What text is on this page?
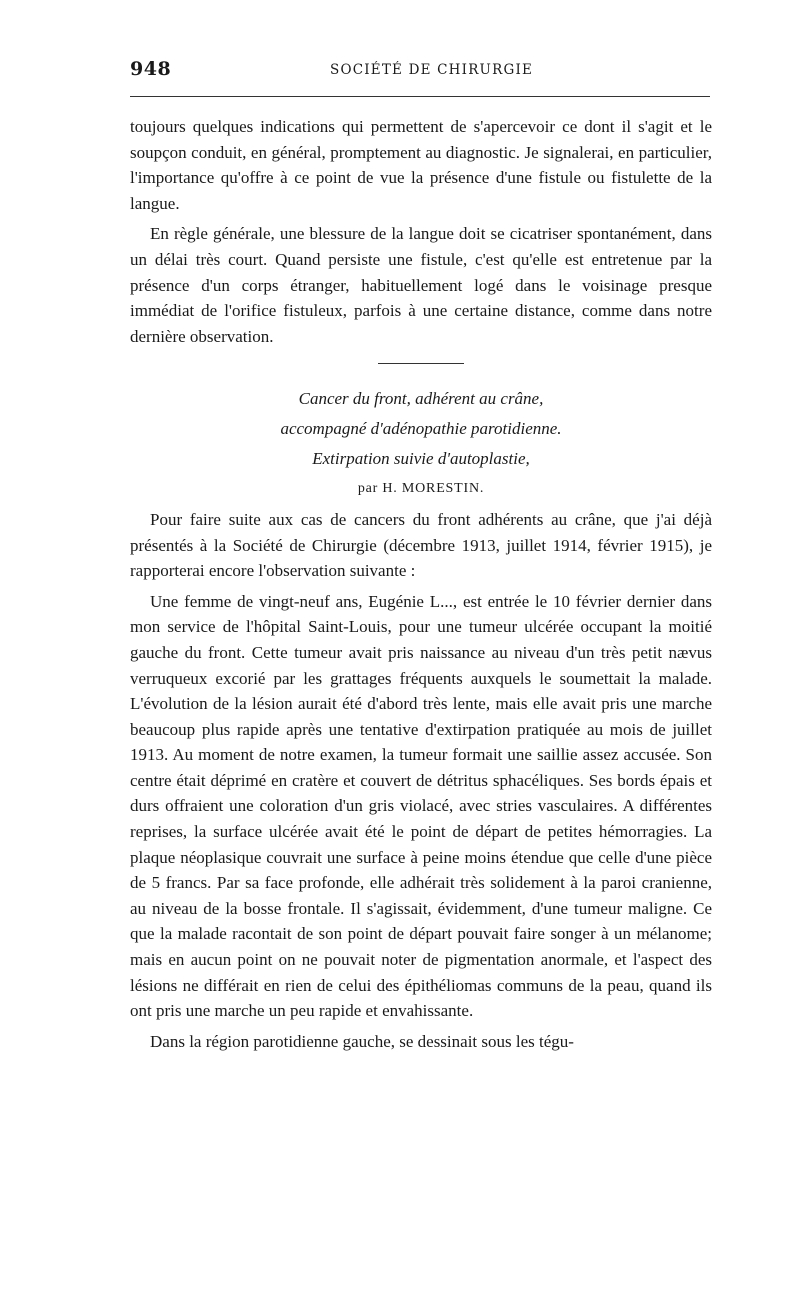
948	SOCIÉTÉ DE CHIRURGIE

toujours quelques indications qui permettent de s'apercevoir ce dont il s'agit et le soupçon conduit, en général, promptement au diagnostic. Je signalerai, en particulier, l'importance qu'offre à ce point de vue la présence d'une fistule ou fistulette de la langue.

En règle générale, une blessure de la langue doit se cicatriser spontanément, dans un délai très court. Quand persiste une fistule, c'est qu'elle est entretenue par la présence d'un corps étranger, habituellement logé dans le voisinage presque immédiat de l'orifice fistuleux, parfois à une certaine distance, comme dans notre dernière observation.

Cancer du front, adhérent au crâne,

accompagné d'adénopathie parotidienne.

Extirpation suivie d'autoplastie,

par H. MORESTIN.

Pour faire suite aux cas de cancers du front adhérents au crâne, que j'ai déjà présentés à la Société de Chirurgie (décembre 1913, juillet 1914, février 1915), je rapporterai encore l'observation suivante :

Une femme de vingt-neuf ans, Eugénie L..., est entrée le 10 février dernier dans mon service de l'hôpital Saint-Louis, pour une tumeur ulcérée occupant la moitié gauche du front. Cette tumeur avait pris naissance au niveau d'un très petit nævus verruqueux excorié par les grattages fréquents auxquels le soumettait la malade. L'évolution de la lésion aurait été d'abord très lente, mais elle avait pris une marche beaucoup plus rapide après une tentative d'extirpation pratiquée au mois de juillet 1913. Au moment de notre examen, la tumeur formait une saillie assez accusée. Son centre était déprimé en cratère et couvert de détritus sphacéliques. Ses bords épais et durs offraient une coloration d'un gris violacé, avec stries vasculaires. A différentes reprises, la surface ulcérée avait été le point de départ de petites hémorragies. La plaque néoplasique couvrait une surface à peine moins étendue que celle d'une pièce de 5 francs. Par sa face profonde, elle adhérait très solidement à la paroi cranienne, au niveau de la bosse frontale. Il s'agissait, évidemment, d'une tumeur maligne. Ce que la malade racontait de son point de départ pouvait faire songer à un mélanome; mais en aucun point on ne pouvait noter de pigmentation anormale, et l'aspect des lésions ne différait en rien de celui des épithéliomas communs de la peau, quand ils ont pris une marche un peu rapide et envahissante.

Dans la région parotidienne gauche, se dessinait sous les tégu-
